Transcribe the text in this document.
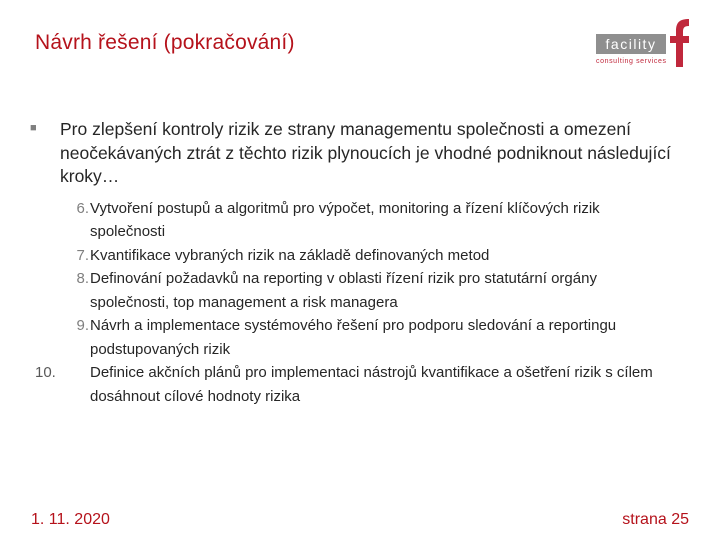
Návrh řešení (pokračování)	facility
consulting services
■ Pro zlepšení kontroly rizik ze strany managementu společnosti a omezení neočekávaných ztrát z těchto rizik plynoucích je vhodné podniknout následující kroky…
6. Vytvoření postupů a algoritmů pro výpočet, monitoring a řízení klíčových rizik společnosti
7. Kvantifikace vybraných rizik na základě definovaných metod
8. Definování požadavků na reporting v oblasti řízení rizik pro statutární orgány společnosti, top management a risk managera
9. Návrh a implementace systémového řešení pro podporu sledování a reportingu podstupovaných rizik
10.	Definice akčních plánů pro implementaci nástrojů kvantifikace a ošetření rizik s cílem dosáhnout cílové hodnoty rizika
1. 11. 2020	strana 25
